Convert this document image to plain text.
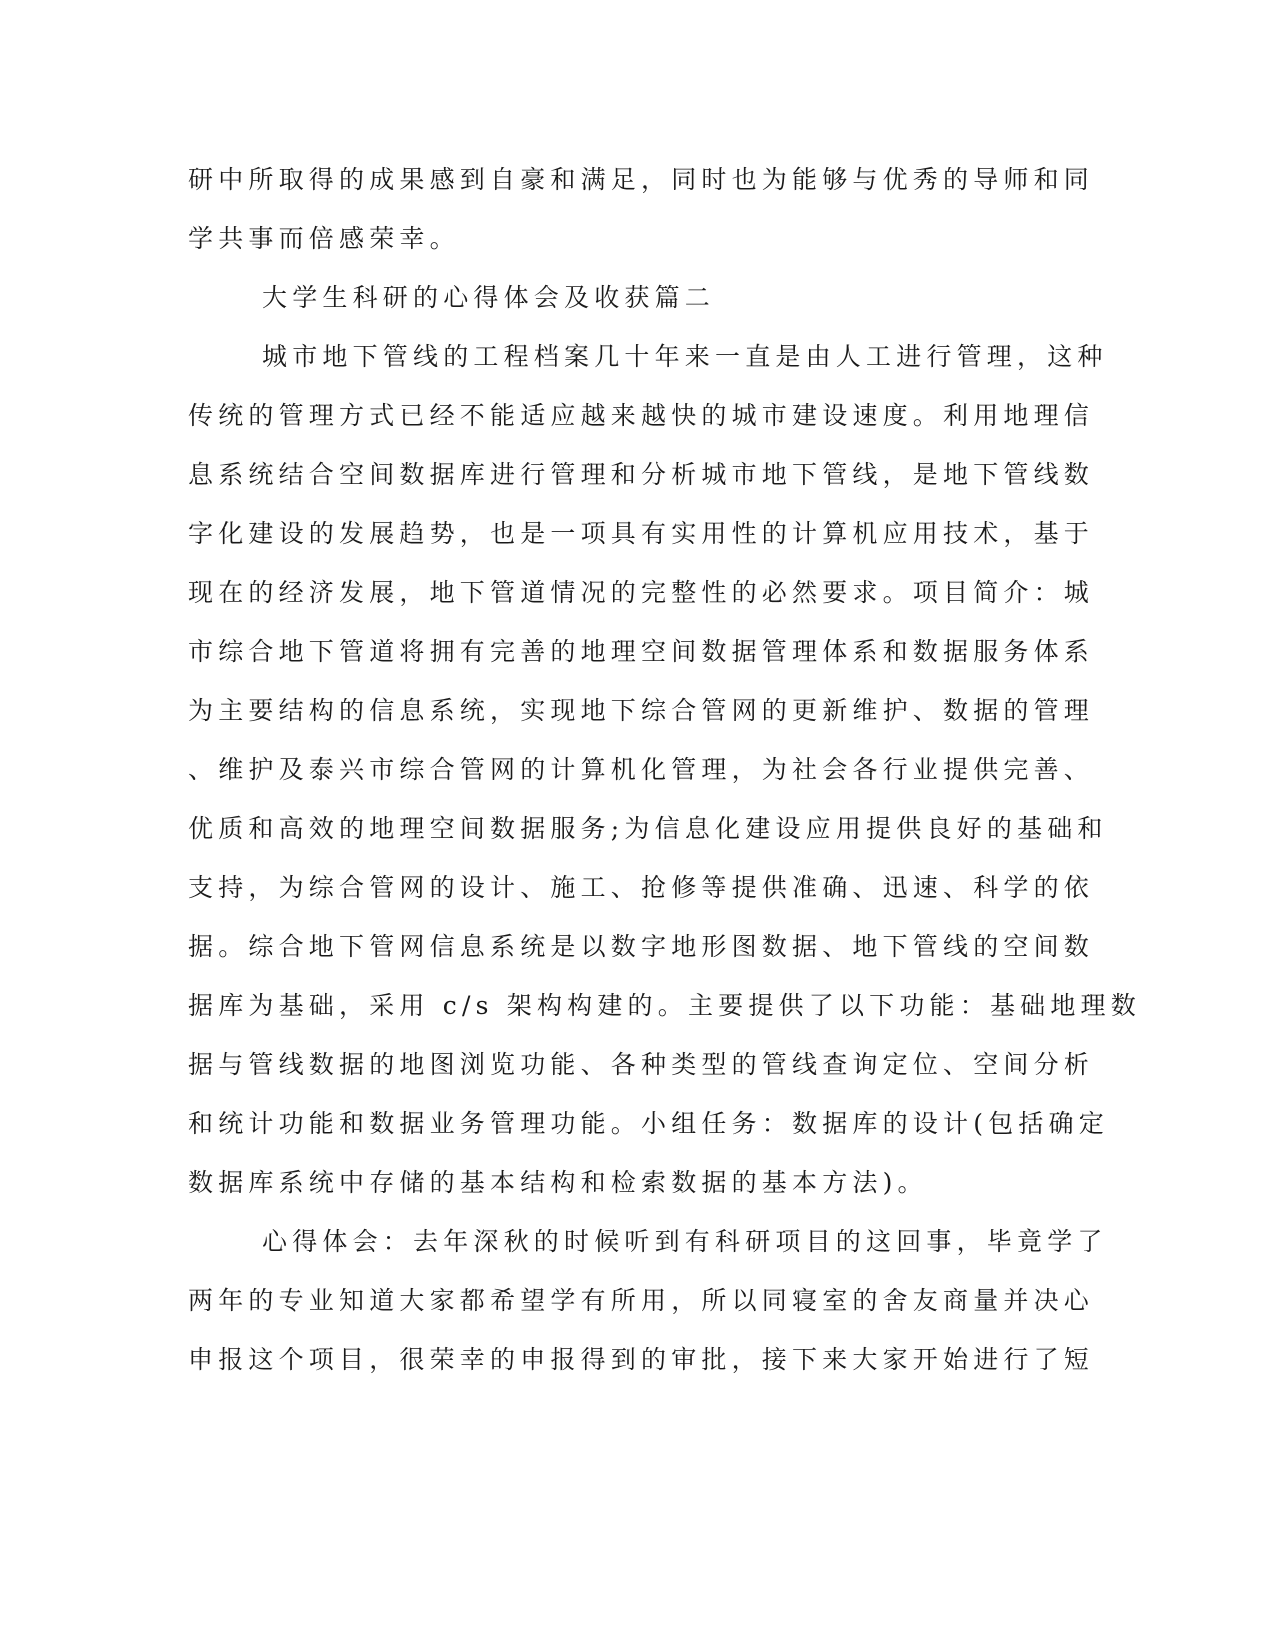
研中所取得的成果感到自豪和满足，同时也为能够与优秀的导师和同
学共事而倍感荣幸。
大学生科研的心得体会及收获篇二
城市地下管线的工程档案几十年来一直是由人工进行管理，这种
传统的管理方式已经不能适应越来越快的城市建设速度。利用地理信
息系统结合空间数据库进行管理和分析城市地下管线，是地下管线数
字化建设的发展趋势，也是一项具有实用性的计算机应用技术，基于
现在的经济发展，地下管道情况的完整性的必然要求。项目简介：城
市综合地下管道将拥有完善的地理空间数据管理体系和数据服务体系
为主要结构的信息系统，实现地下综合管网的更新维护、数据的管理
、维护及泰兴市综合管网的计算机化管理，为社会各行业提供完善、
优质和高效的地理空间数据服务;为信息化建设应用提供良好的基础和
支持，为综合管网的设计、施工、抢修等提供准确、迅速、科学的依
据。综合地下管网信息系统是以数字地形图数据、地下管线的空间数
据库为基础，采用 c/s 架构构建的。主要提供了以下功能：基础地理数
据与管线数据的地图浏览功能、各种类型的管线查询定位、空间分析
和统计功能和数据业务管理功能。小组任务：数据库的设计(包括确定
数据库系统中存储的基本结构和检索数据的基本方法)。
心得体会：去年深秋的时候听到有科研项目的这回事，毕竟学了
两年的专业知道大家都希望学有所用，所以同寝室的舍友商量并决心
申报这个项目，很荣幸的申报得到的审批，接下来大家开始进行了短
